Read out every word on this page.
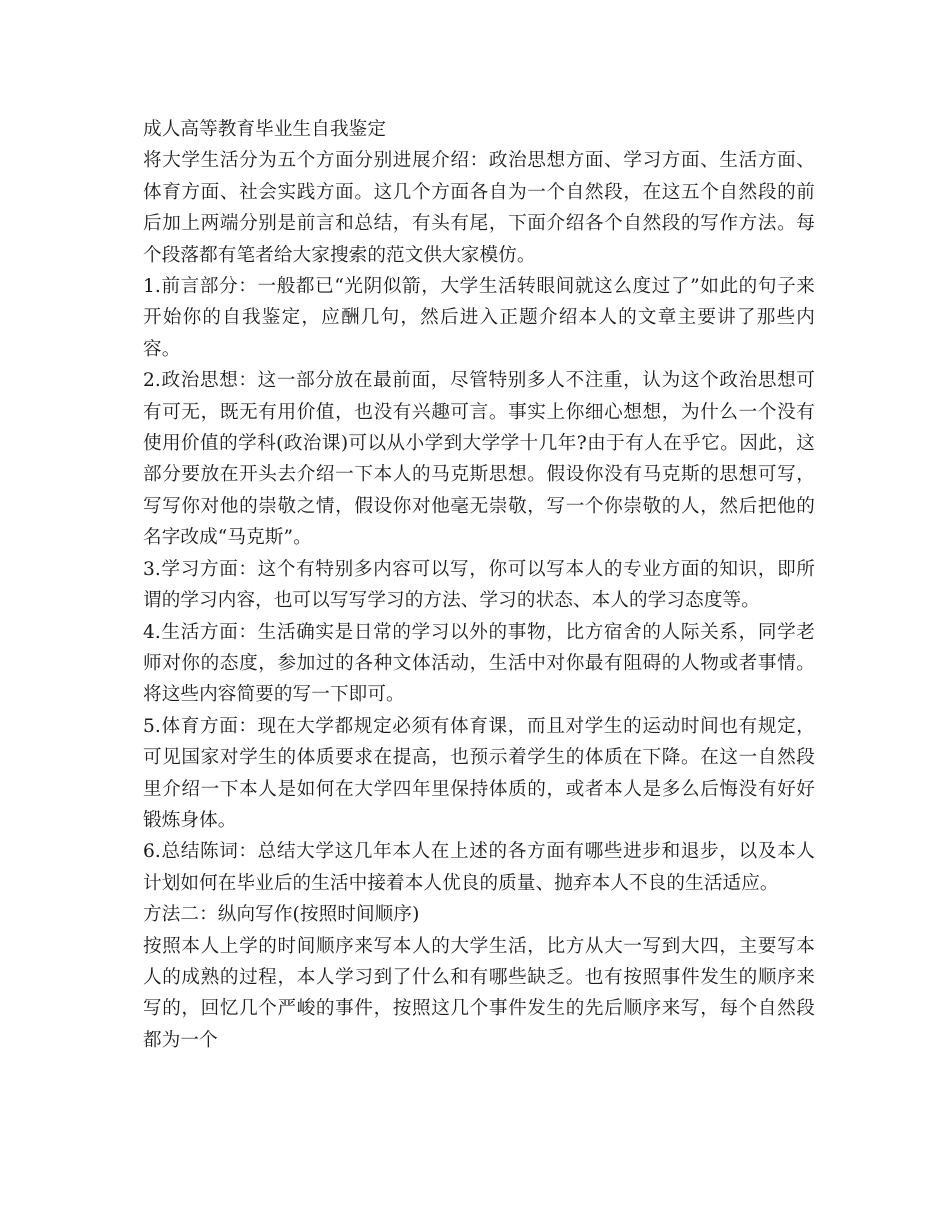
成人高等教育毕业生自我鉴定

将大学生活分为五个方面分别进展介绍：政治思想方面、学习方面、生活方面、体育方面、社会实践方面。这几个方面各自为一个自然段，在这五个自然段的前后加上两端分别是前言和总结，有头有尾，下面介绍各个自然段的写作方法。每个段落都有笔者给大家搜索的范文供大家模仿。

1.前言部分：一般都已“光阴似箭，大学生活转眼间就这么度过了”如此的句子来开始你的自我鉴定，应酬几句，然后进入正题介绍本人的文章主要讲了那些内容。

2.政治思想：这一部分放在最前面，尽管特别多人不注重，认为这个政治思想可有可无，既无有用价值，也没有兴趣可言。事实上你细心想想，为什么一个没有使用价值的学科(政治课)可以从小学到大学学十几年?由于有人在乎它。因此，这部分要放在开头去介绍一下本人的马克斯思想。假设你没有马克斯的思想可写，写写你对他的崇敬之情，假设你对他毫无崇敬，写一个你崇敬的人，然后把他的名字改成“马克斯”。

3.学习方面：这个有特别多内容可以写，你可以写本人的专业方面的知识，即所谓的学习内容，也可以写写学习的方法、学习的状态、本人的学习态度等。

4.生活方面：生活确实是日常的学习以外的事物，比方宿舍的人际关系，同学老师对你的态度，参加过的各种文体活动，生活中对你最有阻碍的人物或者事情。将这些内容简要的写一下即可。

5.体育方面：现在大学都规定必须有体育课，而且对学生的运动时间也有规定，可见国家对学生的体质要求在提高，也预示着学生的体质在下降。在这一自然段里介绍一下本人是如何在大学四年里保持体质的，或者本人是多么后悔没有好好锻炼身体。

6.总结陈词：总结大学这几年本人在上述的各方面有哪些进步和退步，以及本人计划如何在毕业后的生活中接着本人优良的质量、抛弃本人不良的生活适应。

方法二：纵向写作(按照时间顺序)

按照本人上学的时间顺序来写本人的大学生活，比方从大一写到大四，主要写本人的成熟的过程，本人学习到了什么和有哪些缺乏。也有按照事件发生的顺序来写的，回忆几个严峻的事件，按照这几个事件发生的先后顺序来写，每个自然段都为一个
